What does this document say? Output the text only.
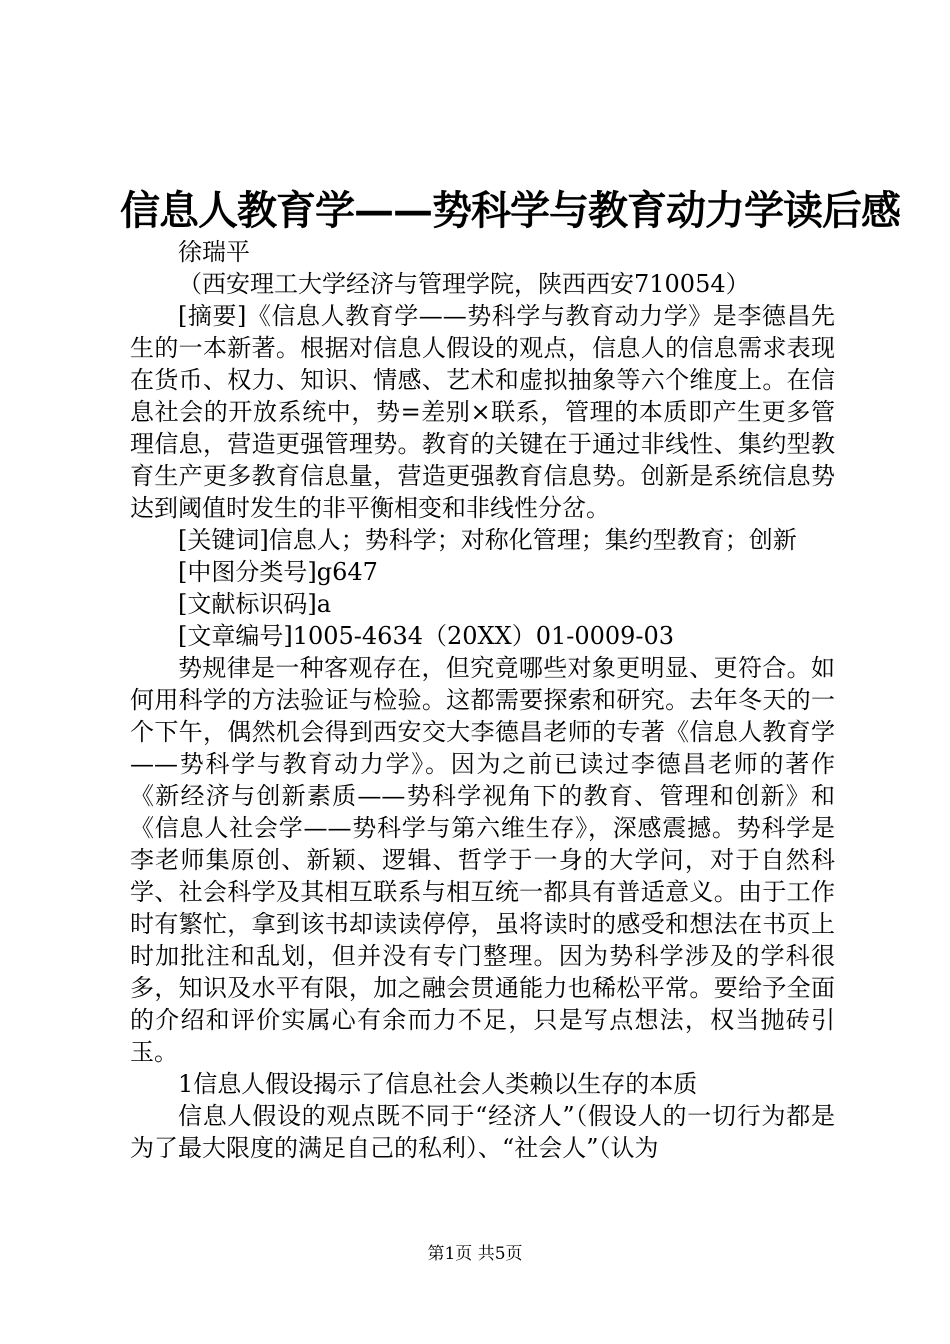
信息人教育学——势科学与教育动力学读后感

徐瑞平

（西安理工大学经济与管理学院，陕西西安710054）

[摘要]《信息人教育学——势科学与教育动力学》是李德昌先生的一本新著。根据对信息人假设的观点，信息人的信息需求表现在货币、权力、知识、情感、艺术和虚拟抽象等六个维度上。在信息社会的开放系统中，势=差别×联系，管理的本质即产生更多管理信息，营造更强管理势。教育的关键在于通过非线性、集约型教育生产更多教育信息量，营造更强教育信息势。创新是系统信息势达到阈值时发生的非平衡相变和非线性分岔。

[关键词]信息人；势科学；对称化管理；集约型教育；创新

[中图分类号]g647

[文献标识码]a

[文章编号]1005-4634（20XX）01-0009-03

势规律是一种客观存在，但究竟哪些对象更明显、更符合。如何用科学的方法验证与检验。这都需要探索和研究。去年冬天的一个下午，偶然机会得到西安交大李德昌老师的专著《信息人教育学——势科学与教育动力学》。因为之前已读过李德昌老师的著作《新经济与创新素质——势科学视角下的教育、管理和创新》和《信息人社会学——势科学与第六维生存》，深感震撼。势科学是李老师集原创、新颖、逻辑、哲学于一身的大学问，对于自然科学、社会科学及其相互联系与相互统一都具有普适意义。由于工作时有繁忙，拿到该书却读读停停，虽将读时的感受和想法在书页上时加批注和乱划，但并没有专门整理。因为势科学涉及的学科很多，知识及水平有限，加之融会贯通能力也稀松平常。要给予全面的介绍和评价实属心有余而力不足，只是写点想法，权当抛砖引玉。

1信息人假设揭示了信息社会人类赖以生存的本质

信息人假设的观点既不同于“经济人”（假设人的一切行为都是为了最大限度的满足自己的私利）、“社会人”（认为

第1页 共5页
